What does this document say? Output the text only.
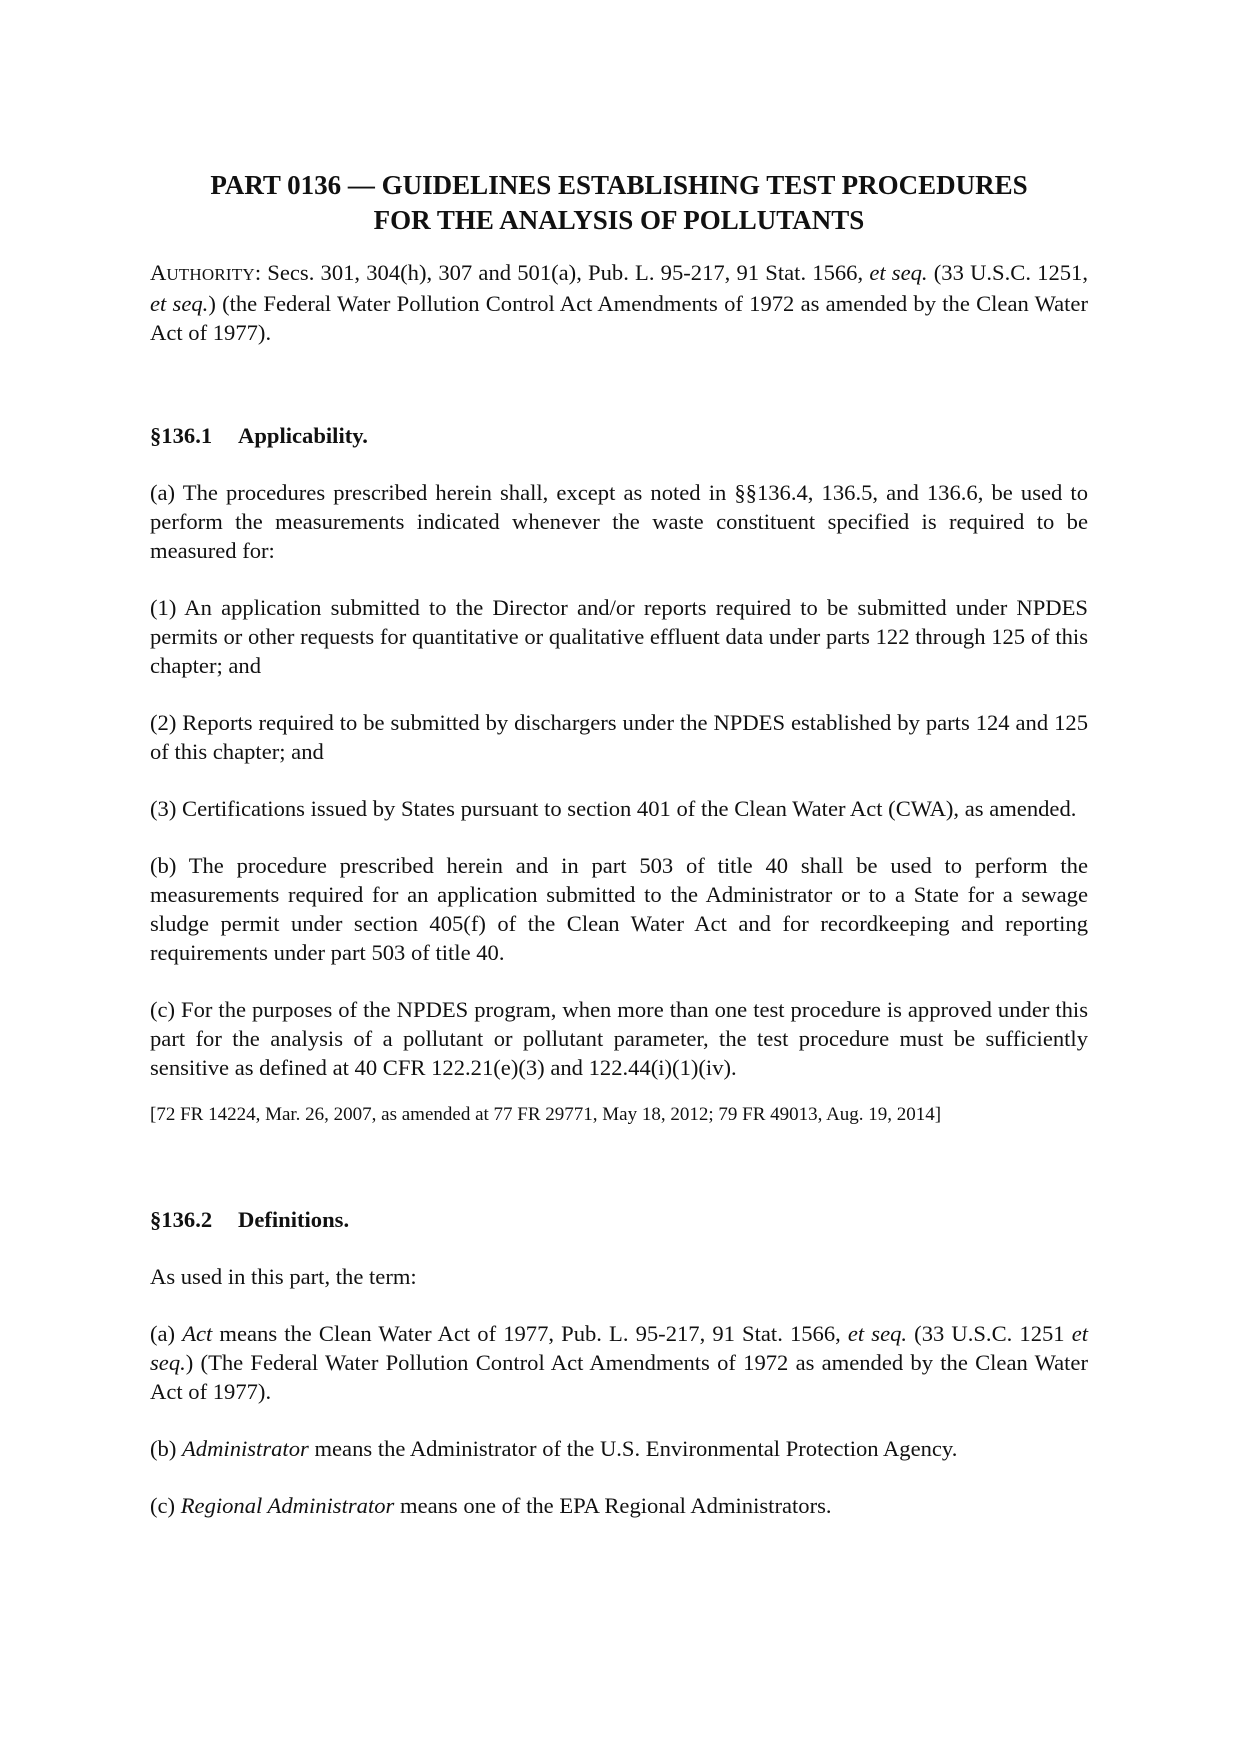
PART 0136 — GUIDELINES ESTABLISHING TEST PROCEDURES
FOR THE ANALYSIS OF POLLUTANTS

AUTHORITY: Secs. 301, 304(h), 307 and 501(a), Pub. L. 95-217, 91 Stat. 1566, et seq. (33 U.S.C. 1251, et seq.) (the Federal Water Pollution Control Act Amendments of 1972 as amended by the Clean Water Act of 1977).

§136.1 Applicability.

(a) The procedures prescribed herein shall, except as noted in §§136.4, 136.5, and 136.6, be used to perform the measurements indicated whenever the waste constituent specified is required to be measured for:

(1) An application submitted to the Director and/or reports required to be submitted under NPDES permits or other requests for quantitative or qualitative effluent data under parts 122 through 125 of this chapter; and

(2) Reports required to be submitted by dischargers under the NPDES established by parts 124 and 125 of this chapter; and

(3) Certifications issued by States pursuant to section 401 of the Clean Water Act (CWA), as amended.

(b) The procedure prescribed herein and in part 503 of title 40 shall be used to perform the measurements required for an application submitted to the Administrator or to a State for a sewage sludge permit under section 405(f) of the Clean Water Act and for recordkeeping and reporting requirements under part 503 of title 40.

(c) For the purposes of the NPDES program, when more than one test procedure is approved under this part for the analysis of a pollutant or pollutant parameter, the test procedure must be sufficiently sensitive as defined at 40 CFR 122.21(e)(3) and 122.44(i)(1)(iv).

[72 FR 14224, Mar. 26, 2007, as amended at 77 FR 29771, May 18, 2012; 79 FR 49013, Aug. 19, 2014]

§136.2 Definitions.

As used in this part, the term:

(a) Act means the Clean Water Act of 1977, Pub. L. 95-217, 91 Stat. 1566, et seq. (33 U.S.C. 1251 et seq.) (The Federal Water Pollution Control Act Amendments of 1972 as amended by the Clean Water Act of 1977).

(b) Administrator means the Administrator of the U.S. Environmental Protection Agency.

(c) Regional Administrator means one of the EPA Regional Administrators.
